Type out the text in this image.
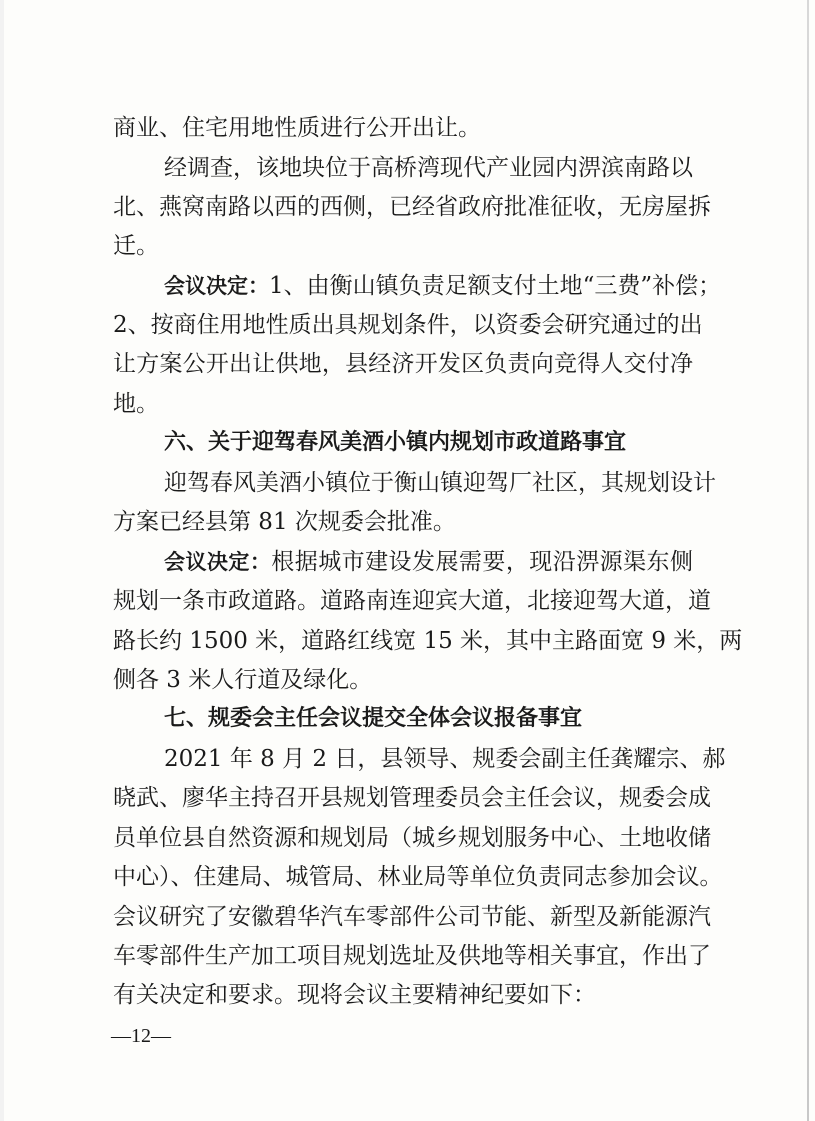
商业、住宅用地性质进行公开出让。
经调查，该地块位于高桥湾现代产业园内淠滨南路以
北、燕窝南路以西的西侧，已经省政府批准征收，无房屋拆
迁。
会议决定：1、由衡山镇负责足额支付土地“三费”补偿；
2、按商住用地性质出具规划条件，以资委会研究通过的出
让方案公开出让供地，县经济开发区负责向竞得人交付净
地。
六、关于迎驾春风美酒小镇内规划市政道路事宜
迎驾春风美酒小镇位于衡山镇迎驾厂社区，其规划设计
方案已经县第 81 次规委会批准。
会议决定：根据城市建设发展需要，现沿淠源渠东侧
规划一条市政道路。道路南连迎宾大道，北接迎驾大道，道
路长约 1500 米，道路红线宽 15 米，其中主路面宽 9 米，两
侧各 3 米人行道及绿化。
七、规委会主任会议提交全体会议报备事宜
2021 年 8 月 2 日，县领导、规委会副主任龚耀宗、郝
晓武、廖华主持召开县规划管理委员会主任会议，规委会成
员单位县自然资源和规划局（城乡规划服务中心、土地收储
中心）、住建局、城管局、林业局等单位负责同志参加会议。
会议研究了安徽碧华汽车零部件公司节能、新型及新能源汽
车零部件生产加工项目规划选址及供地等相关事宜，作出了
有关决定和要求。现将会议主要精神纪要如下：
—12—
